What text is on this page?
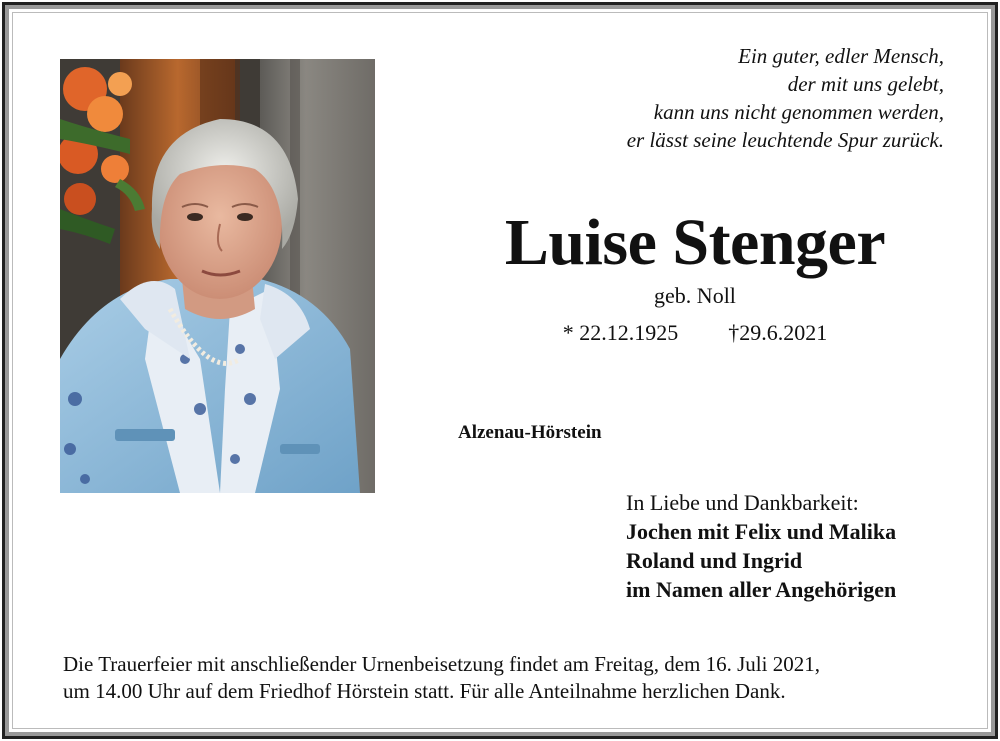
Ein guter, edler Mensch,
der mit uns gelebt,
kann uns nicht genommen werden,
er lässt seine leuchtende Spur zurück.
Luise Stenger
geb. Noll
* 22.12.1925 †29.6.2021
Alzenau-Hörstein
In Liebe und Dankbarkeit:
Jochen mit Felix und Malika
Roland und Ingrid
im Namen aller Angehörigen
Die Trauerfeier mit anschließender Urnenbeisetzung findet am Freitag, dem 16. Juli 2021,
um 14.00 Uhr auf dem Friedhof Hörstein statt. Für alle Anteilnahme herzlichen Dank.
